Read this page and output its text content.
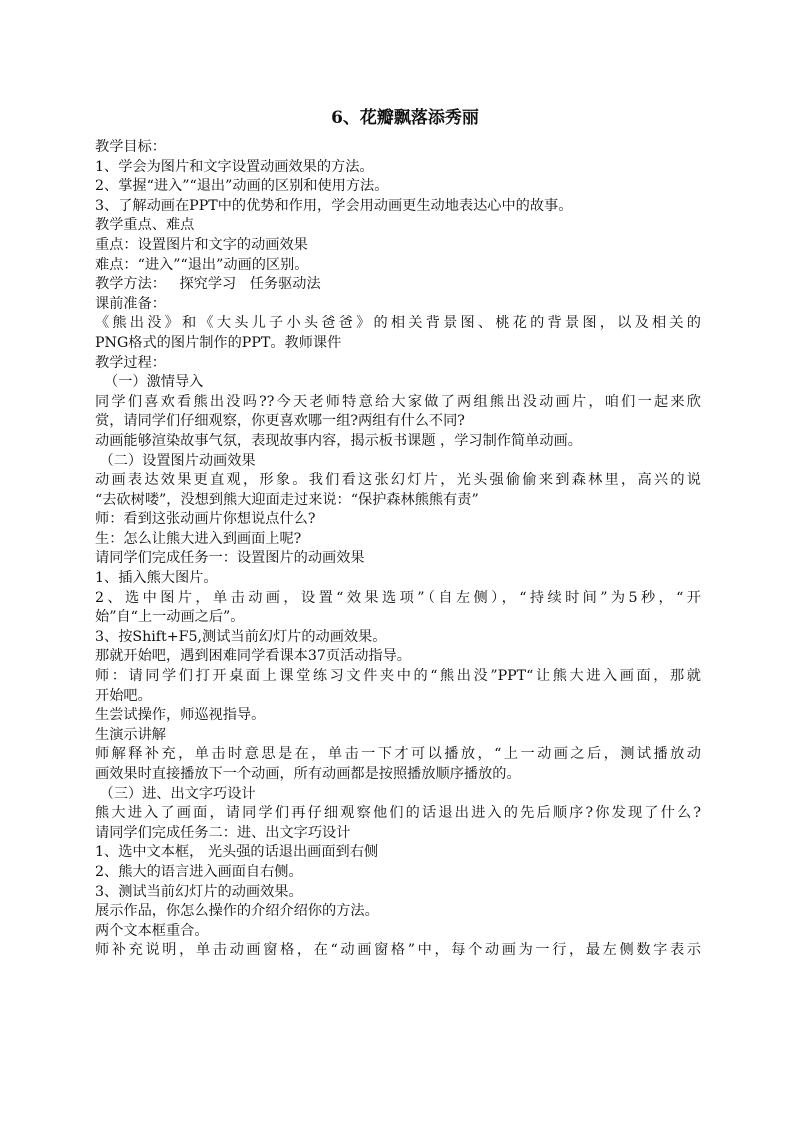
6、花瓣飘落添秀丽
教学目标：
1、学会为图片和文字设置动画效果的方法。
2、掌握“进入”“退出”动画的区别和使用方法。
3、了解动画在PPT中的优势和作用，学会用动画更生动地表达心中的故事。
教学重点、难点
重点：设置图片和文字的动画效果
难点：“进入”“退出”动画的区别。
教学方法：   探究学习   任务驱动法
课前准备：
《熊出没》和《大头儿子小头爸爸》的相关背景图、桃花的背景图，以及相关的
PNG格式的图片制作的PPT。教师课件
教学过程：
（一）激情导入
同学们喜欢看熊出没吗??今天老师特意给大家做了两组熊出没动画片，咱们一起来欣
赏，请同学们仔细观察，你更喜欢哪一组?两组有什么不同?
动画能够渲染故事气氛，表现故事内容，揭示板书课题 ，学习制作简单动画。
（二）设置图片动画效果
动画表达效果更直观，形象。我们看这张幻灯片，光头强偷偷来到森林里，高兴的说
“去砍树喽”，没想到熊大迎面走过来说：“保护森林熊熊有责”
师：看到这张动画片你想说点什么?
生：怎么让熊大进入到画面上呢?
请同学们完成任务一：设置图片的动画效果
1、插入熊大图片。
2、选中图片，单击动画，设置“效果选项”（自左侧），“持续时间”为5秒，“开
始”自“上一动画之后”。
3、按Shift+F5,测试当前幻灯片的动画效果。
那就开始吧，遇到困难同学看课本37页活动指导。
师：请同学们打开桌面上课堂练习文件夹中的“熊出没”PPT“让熊大进入画面，那就
开始吧。
生尝试操作，师巡视指导。
生演示讲解
师解释补充，单击时意思是在，单击一下才可以播放，“上一动画之后，测试播放动
画效果时直接播放下一个动画，所有动画都是按照播放顺序播放的。
（三）进、出文字巧设计
熊大进入了画面，请同学们再仔细观察他们的话退出进入的先后顺序?你发现了什么?
请同学们完成任务二：进、出文字巧设计
1、选中文本框， 光头强的话退出画面到右侧
2、熊大的语言进入画面自右侧。
3、测试当前幻灯片的动画效果。
展示作品，你怎么操作的介绍介绍你的方法。
两个文本框重合。
师补充说明，单击动画窗格，在“动画窗格”中，每个动画为一行，最左侧数字表示
